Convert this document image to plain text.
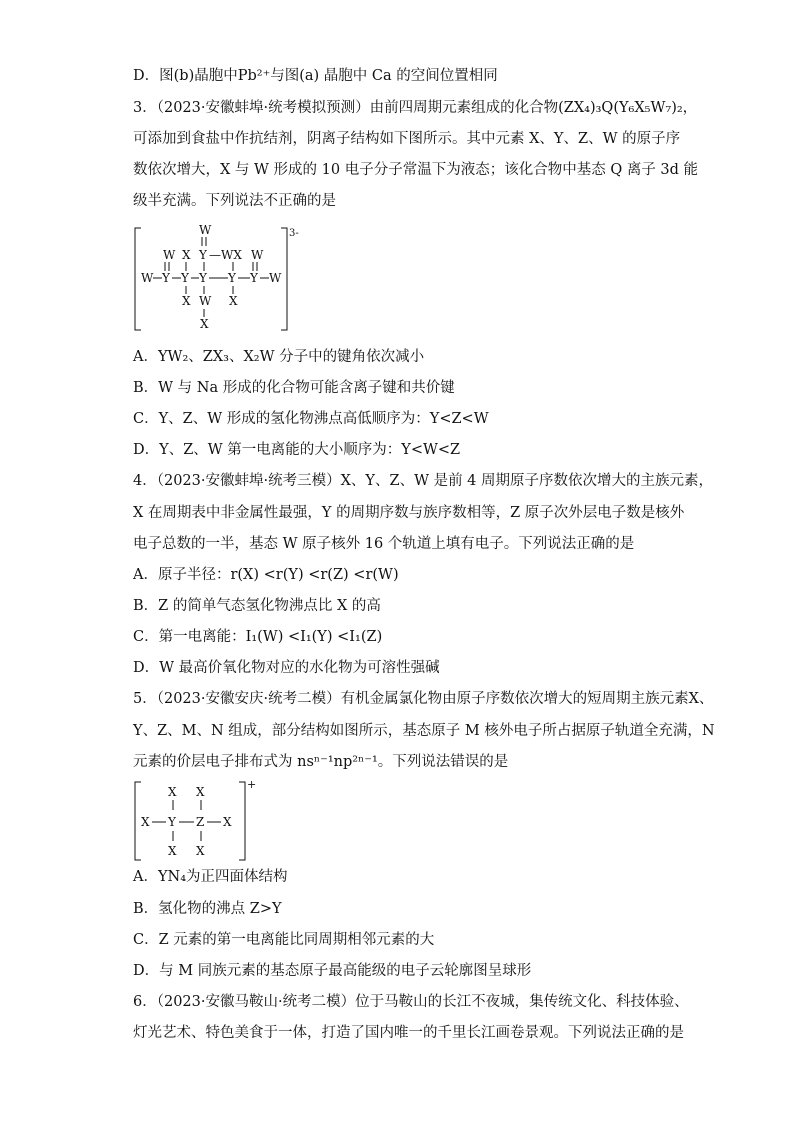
D．图(b)晶胞中Pb²⁺与图(a) 晶胞中 Ca 的空间位置相同
3．（2023·安徽蚌埠·统考模拟预测）由前四周期元素组成的化合物(ZX₄)₃Q(Y₆X₅W₇)₂，
可添加到食盐中作抗结剂，阴离子结构如下图所示。其中元素 X、Y、Z、W 的原子序
数依次增大，X 与 W 形成的 10 电子分子常温下为液态；该化合物中基态 Q 离子 3d 能
级半充满。下列说法不正确的是
3-
W
W X Y —WX W
W Y Y Y Y Y W
X W X
X
A．YW₂、ZX₃、X₂W 分子中的键角依次减小
B．W 与 Na 形成的化合物可能含离子键和共价键
C．Y、Z、W 形成的氢化物沸点高低顺序为：Y<Z<W
D．Y、Z、W 第一电离能的大小顺序为：Y<W<Z
4．（2023·安徽蚌埠·统考三模）X、Y、Z、W 是前 4 周期原子序数依次增大的主族元素，
X 在周期表中非金属性最强，Y 的周期序数与族序数相等，Z 原子次外层电子数是核外
电子总数的一半，基态 W 原子核外 16 个轨道上填有电子。下列说法正确的是
A．原子半径：r(X) <r(Y) <r(Z) <r(W)
B．Z 的简单气态氢化物沸点比 X 的高
C．第一电离能：I₁(W) <I₁(Y) <I₁(Z)
D．W 最高价氧化物对应的水化物为可溶性强碱
5．（2023·安徽安庆·统考二模）有机金属氯化物由原子序数依次增大的短周期主族元素X、
Y、Z、M、N 组成，部分结构如图所示，基态原子 M 核外电子所占据原子轨道全充满，N
元素的价层电子排布式为 nsⁿ⁻¹np²ⁿ⁻¹。下列说法错误的是
+
X X
X Y Z X
X X
A．YN₄为正四面体结构
B．氢化物的沸点 Z>Y
C．Z 元素的第一电离能比同周期相邻元素的大
D．与 M 同族元素的基态原子最高能级的电子云轮廓图呈球形
6．（2023·安徽马鞍山·统考二模）位于马鞍山的长江不夜城，集传统文化、科技体验、
灯光艺术、特色美食于一体，打造了国内唯一的千里长江画卷景观。下列说法正确的是
